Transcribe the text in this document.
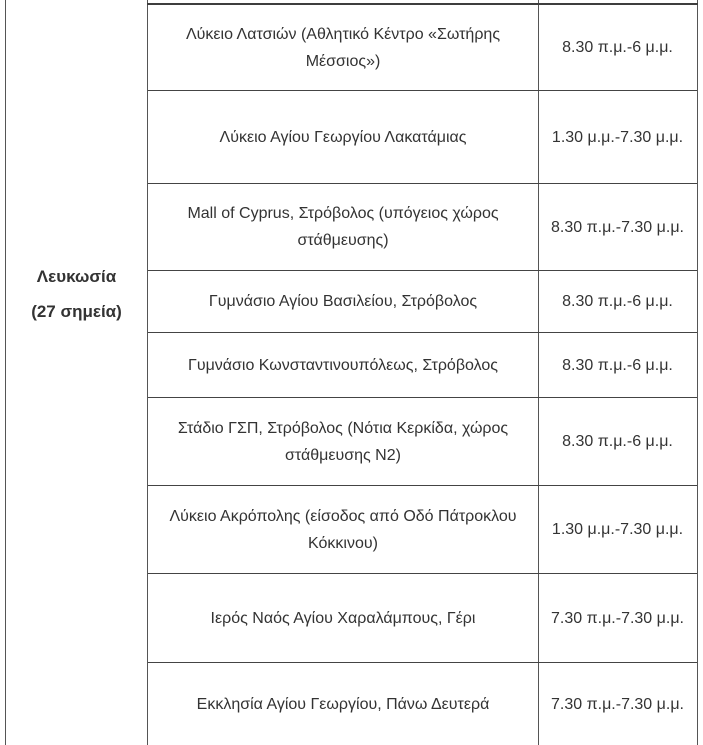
Λευκωσία
(27 σημεία)
Λύκειο Λατσιών (Αθλητικό Κέντρο «Σωτήρης Μέσσιος»)
8.30 π.μ.-6 μ.μ.
Λύκειο Αγίου Γεωργίου Λακατάμιας	1.30 μ.μ.-7.30 μ.μ.
Mall of Cyprus, Στρόβολος (υπόγειος χώρος στάθμευσης)
8.30 π.μ.-7.30 μ.μ.
Γυμνάσιο Αγίου Βασιλείου, Στρόβολος	8.30 π.μ.-6 μ.μ.
Γυμνάσιο Κωνσταντινουπόλεως, Στρόβολος	8.30 π.μ.-6 μ.μ.
Στάδιο ΓΣΠ, Στρόβολος (Νότια Κερκίδα, χώρος στάθμευσης Ν2)
8.30 π.μ.-6 μ.μ.
Λύκειο Ακρόπολης (είσοδος από Οδό Πάτροκλου Κόκκινου)
1.30 μ.μ.-7.30 μ.μ.
Ιερός Ναός Αγίου Χαραλάμπους, Γέρι	7.30 π.μ.-7.30 μ.μ.
Εκκλησία Αγίου Γεωργίου, Πάνω Δευτερά	7.30 π.μ.-7.30 μ.μ.
